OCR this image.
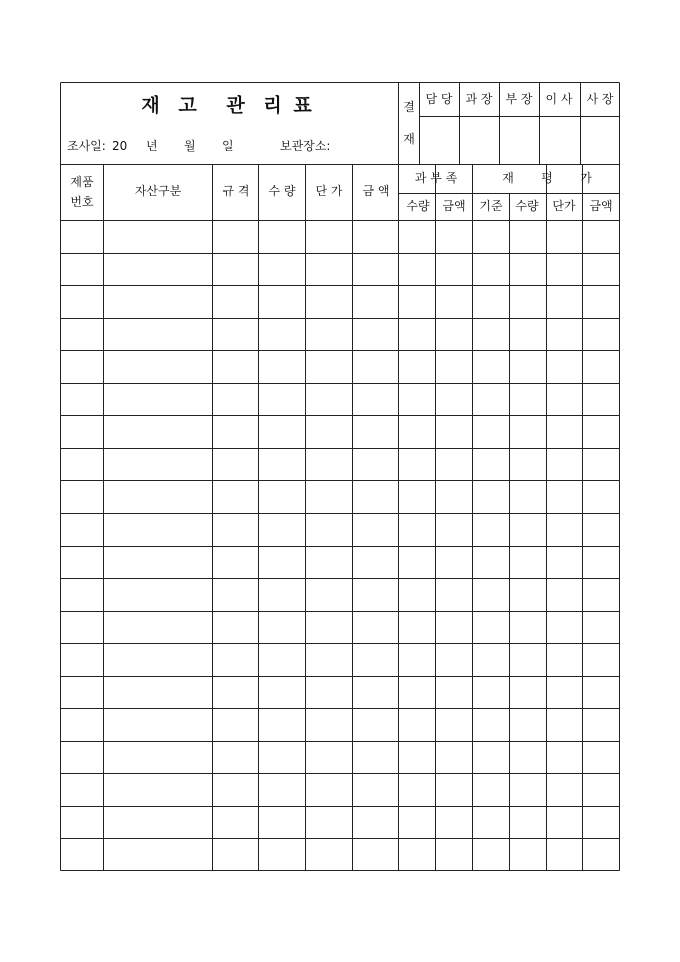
재 고 관 리 표
조사일: 20 년 월 일	보관장소:
결
재
담 당 과 장 부 장 이 사 사 장
제품
번호
자산구분	규 격 수 량 단 가 금 액
과 부 족
수량 금액
재 평 가
기준 수량 단가 금액
